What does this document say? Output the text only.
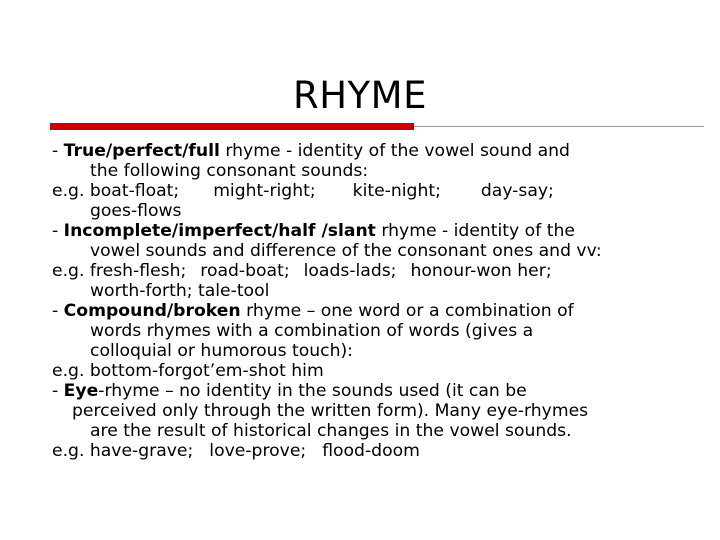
RHYME
- True/perfect/full rhyme - identity of the vowel sound and
the following consonant sounds:
e.g. boat-float; might-right; kite-night; day-say;
goes-flows
- Incomplete/imperfect/half /slant rhyme - identity of the
vowel sounds and difference of the consonant ones and vv:
e.g. fresh-flesh; road-boat; loads-lads; honour-won her;
worth-forth; tale-tool
- Compound/broken rhyme – one word or a combination of
words rhymes with a combination of words (gives a
colloquial or humorous touch):
e.g. bottom-forgot’em-shot him
- Eye-rhyme – no identity in the sounds used (it can be
perceived only through the written form). Many eye-rhymes
are the result of historical changes in the vowel sounds.
e.g. have-grave; love-prove; flood-doom
